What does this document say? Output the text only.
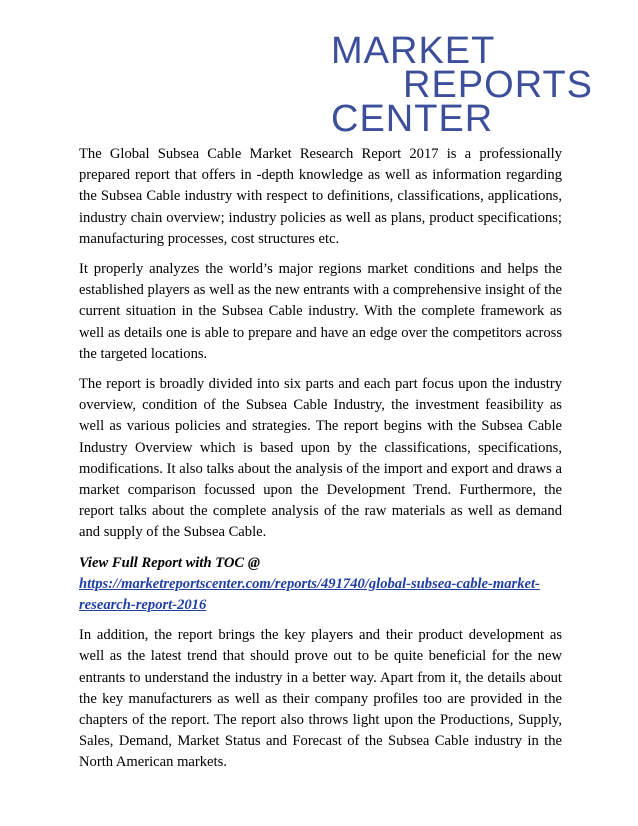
MARKET
REPORTS
CENTER

The Global Subsea Cable Market Research Report 2017 is a professionally prepared report that offers in -depth knowledge as well as information regarding the Subsea Cable industry with respect to definitions, classifications, applications, industry chain overview; industry policies as well as plans, product specifications; manufacturing processes, cost structures etc.

It properly analyzes the world’s major regions market conditions and helps the established players as well as the new entrants with a comprehensive insight of the current situation in the Subsea Cable industry. With the complete framework as well as details one is able to prepare and have an edge over the competitors across the targeted locations.

The report is broadly divided into six parts and each part focus upon the industry overview, condition of the Subsea Cable Industry, the investment feasibility as well as various policies and strategies. The report begins with the Subsea Cable Industry Overview which is based upon by the classifications, specifications, modifications. It also talks about the analysis of the import and export and draws a market comparison focussed upon the Development Trend. Furthermore, the report talks about the complete analysis of the raw materials as well as demand and supply of the Subsea Cable.

View Full Report with TOC @
https://marketreportscenter.com/reports/491740/global-subsea-cable-market-research-report-2016

In addition, the report brings the key players and their product development as well as the latest trend that should prove out to be quite beneficial for the new entrants to understand the industry in a better way. Apart from it, the details about the key manufacturers as well as their company profiles too are provided in the chapters of the report. The report also throws light upon the Productions, Supply, Sales, Demand, Market Status and Forecast of the Subsea Cable industry in the North American markets.
